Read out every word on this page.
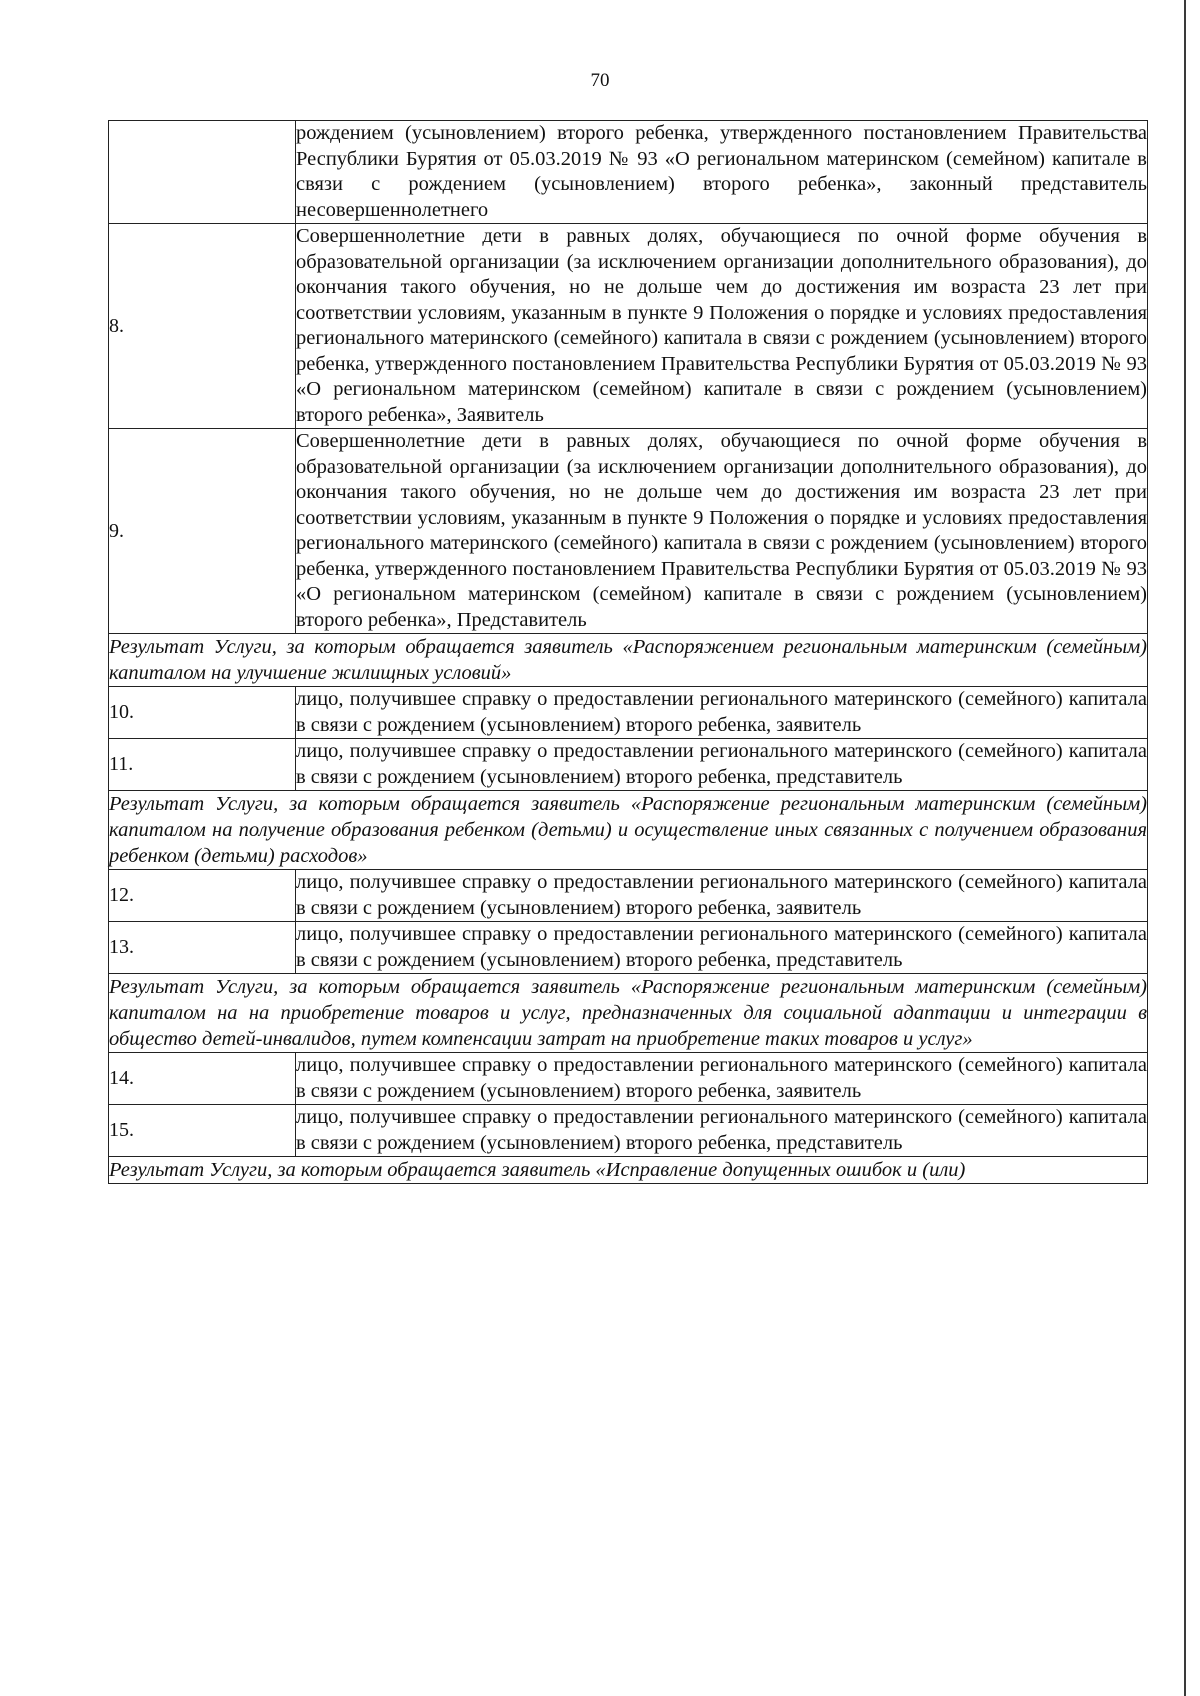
70
	рождением (усыновлением) второго ребенка, утвержденного постановлением Правительства Республики Бурятия от 05.03.2019 № 93 «О региональном материнском (семейном) капитале в связи с рождением (усыновлением) второго ребенка», законный представитель несовершеннолетнего
8.	Совершеннолетние дети в равных долях, обучающиеся по очной форме обучения в образовательной организации (за исключением организации дополнительного образования), до окончания такого обучения, но не дольше чем до достижения им возраста 23 лет при соответствии условиям, указанным в пункте 9 Положения о порядке и условиях предоставления регионального материнского (семейного) капитала в связи с рождением (усыновлением) второго ребенка, утвержденного постановлением Правительства Республики Бурятия от 05.03.2019 № 93 «О региональном материнском (семейном) капитале в связи с рождением (усыновлением) второго ребенка», Заявитель
9.	Совершеннолетние дети в равных долях, обучающиеся по очной форме обучения в образовательной организации (за исключением организации дополнительного образования), до окончания такого обучения, но не дольше чем до достижения им возраста 23 лет при соответствии условиям, указанным в пункте 9 Положения о порядке и условиях предоставления регионального материнского (семейного) капитала в связи с рождением (усыновлением) второго ребенка, утвержденного постановлением Правительства Республики Бурятия от 05.03.2019 № 93 «О региональном материнском (семейном) капитале в связи с рождением (усыновлением) второго ребенка», Представитель
Результат Услуги, за которым обращается заявитель «Распоряжением региональным материнским (семейным) капиталом на улучшение жилищных условий»	
10.	лицо, получившее справку о предоставлении регионального материнского (семейного) капитала в связи с рождением (усыновлением) второго ребенка, заявитель
11.	лицо, получившее справку о предоставлении регионального материнского (семейного) капитала в связи с рождением (усыновлением) второго ребенка, представитель
Результат Услуги, за которым обращается заявитель «Распоряжение региональным материнским (семейным) капиталом на получение образования ребенком (детьми) и осуществление иных связанных с получением образования ребенком (детьми) расходов»	
12.	лицо, получившее справку о предоставлении регионального материнского (семейного) капитала в связи с рождением (усыновлением) второго ребенка, заявитель
13.	лицо, получившее справку о предоставлении регионального материнского (семейного) капитала в связи с рождением (усыновлением) второго ребенка, представитель
Результат Услуги, за которым обращается заявитель «Распоряжение региональным материнским (семейным) капиталом на на приобретение товаров и услуг, предназначенных для социальной адаптации и интеграции в общество детей-инвалидов, путем компенсации затрат на приобретение таких товаров и услуг»	
14.	лицо, получившее справку о предоставлении регионального материнского (семейного) капитала в связи с рождением (усыновлением) второго ребенка, заявитель
15.	лицо, получившее справку о предоставлении регионального материнского (семейного) капитала в связи с рождением (усыновлением) второго ребенка, представитель
Результат Услуги, за которым обращается заявитель «Исправление допущенных ошибок и (или)	
